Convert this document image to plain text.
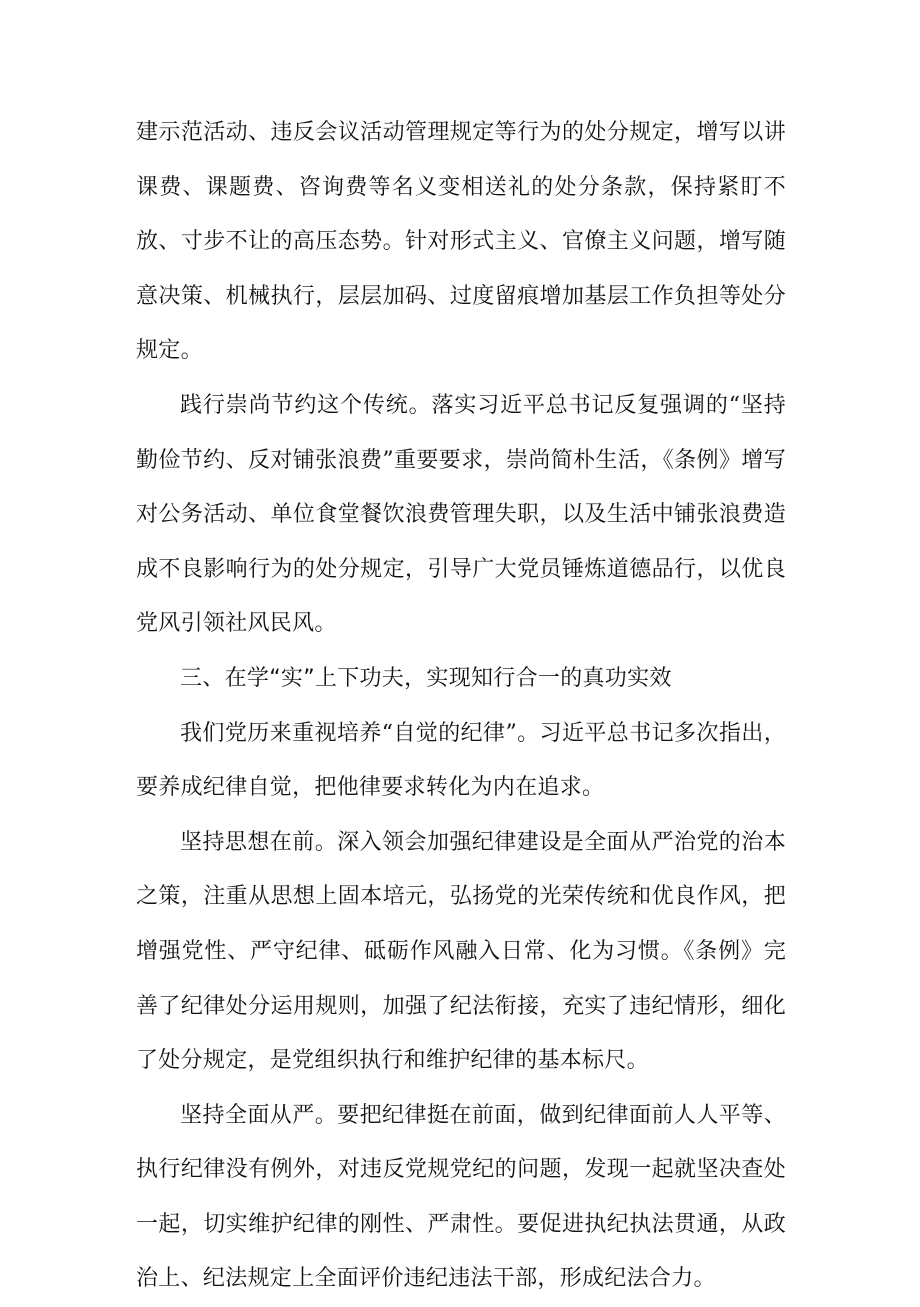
建示范活动、违反会议活动管理规定等行为的处分规定，增写以讲课费、课题费、咨询费等名义变相送礼的处分条款，保持紧盯不放、寸步不让的高压态势。针对形式主义、官僚主义问题，增写随意决策、机械执行，层层加码、过度留痕增加基层工作负担等处分规定。

践行崇尚节约这个传统。落实习近平总书记反复强调的“坚持勤俭节约、反对铺张浪费”重要要求，崇尚简朴生活，《条例》增写对公务活动、单位食堂餐饮浪费管理失职，以及生活中铺张浪费造成不良影响行为的处分规定，引导广大党员锤炼道德品行，以优良党风引领社风民风。

三、在学“实”上下功夫，实现知行合一的真功实效

我们党历来重视培养“自觉的纪律”。习近平总书记多次指出，要养成纪律自觉，把他律要求转化为内在追求。

坚持思想在前。深入领会加强纪律建设是全面从严治党的治本之策，注重从思想上固本培元，弘扬党的光荣传统和优良作风，把增强党性、严守纪律、砥砺作风融入日常、化为习惯。《条例》完善了纪律处分运用规则，加强了纪法衔接，充实了违纪情形，细化了处分规定，是党组织执行和维护纪律的基本标尺。

坚持全面从严。要把纪律挺在前面，做到纪律面前人人平等、执行纪律没有例外，对违反党规党纪的问题，发现一起就坚决查处一起，切实维护纪律的刚性、严肃性。要促进执纪执法贯通，从政治上、纪法规定上全面评价违纪违法干部，形成纪法合力。
